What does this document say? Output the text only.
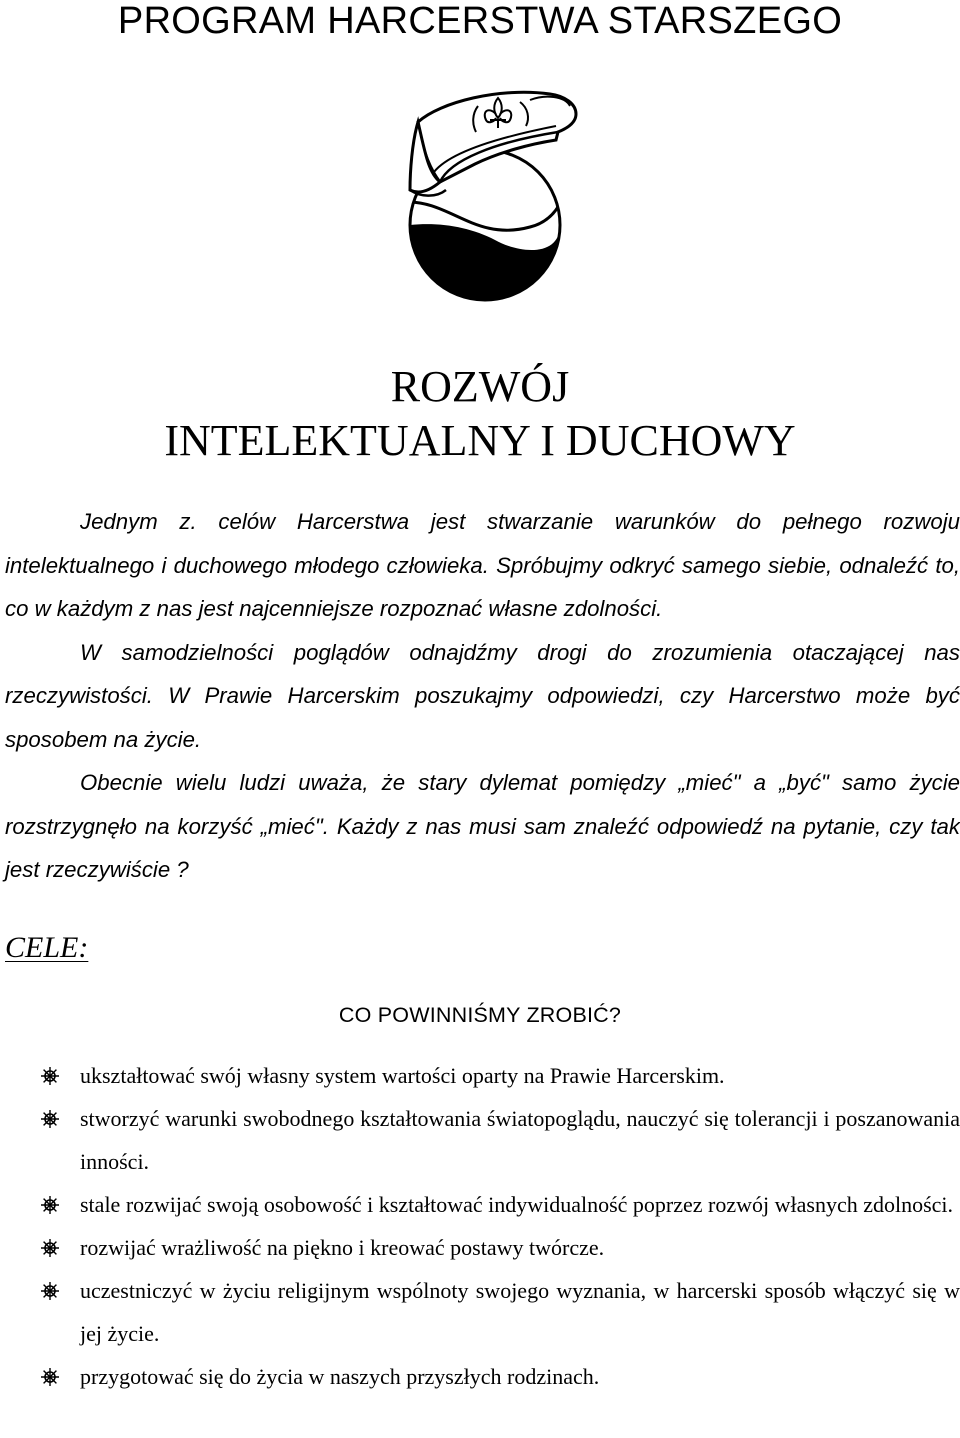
PROGRAM HARCERSTWA STARSZEGO
ROZWÓJ
INTELEKTUALNY I DUCHOWY

Jednym z. celów Harcerstwa jest stwarzanie warunków do pełnego rozwoju intelektualnego i duchowego młodego człowieka. Spróbujmy odkryć samego siebie, odnaleźć to, co w każdym z nas jest najcenniejsze rozpoznać własne zdolności.

W samodzielności poglądów odnajdźmy drogi do zrozumienia otaczającej nas rzeczywistości. W Prawie Harcerskim poszukajmy odpowiedzi, czy Harcerstwo może być sposobem na życie.

Obecnie wielu ludzi uważa, że stary dylemat pomiędzy „mieć" a „być" samo życie rozstrzygnęło na korzyść „mieć". Każdy z nas musi sam znaleźć odpowiedź na pytanie, czy tak jest rzeczywiście ?

CELE:
CO POWINNIŚMY ZROBIĆ?
ukształtować swój własny system wartości oparty na Prawie Harcerskim.
stworzyć warunki swobodnego kształtowania światopoglądu, nauczyć się tolerancji i poszanowania inności.
stale rozwijać swoją osobowość i kształtować indywidualność poprzez rozwój własnych zdolności.
rozwijać wrażliwość na piękno i kreować postawy twórcze.
uczestniczyć w życiu religijnym wspólnoty swojego wyznania, w harcerski sposób włączyć się w jej życie.
przygotować się do życia w naszych przyszłych rodzinach.
